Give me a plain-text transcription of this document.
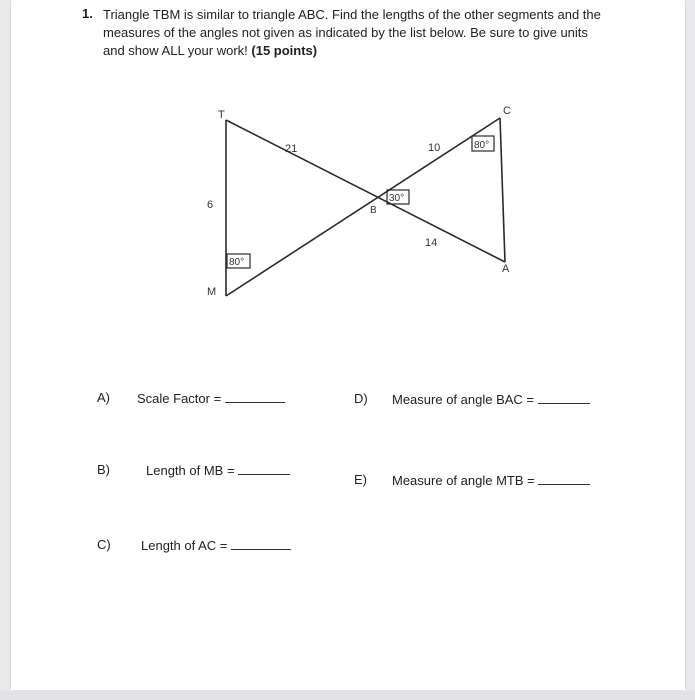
1. Triangle TBM is similar to triangle ABC. Find the lengths of the other segments and the measures of the angles not given as indicated by the list below. Be sure to give units and show ALL your work! (15 points)
T
M
B
C
A
6
21	10
14
80°
30°
80°
A) Scale Factor =
B)	Length of MB =
C) Length of AC =
D) Measure of angle BAC =
E) Measure of angle MTB =
